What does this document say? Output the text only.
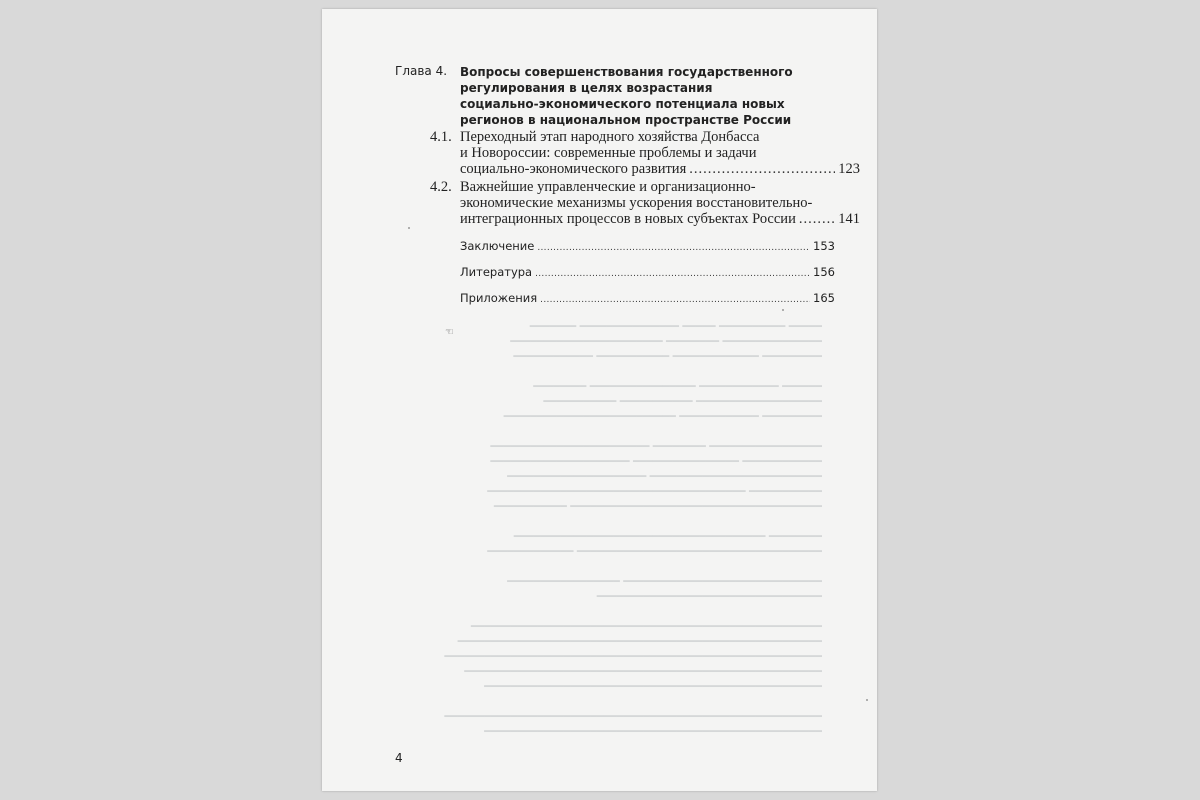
━━━━━ ━━━━━━━━━━ ━━━━━ ━━━━━━━━━━━━━━━ ━━━━━━━
━━━━━━━━━━━━━━━ ━━━━━━━━ ━━━━━━━━━━━━━━━━━━━━━━━
━━━━━━━━━ ━━━━━━━━━━━━━ ━━━━━━━━━━━ ━━━━━━━━━━━━

━━━━━━ ━━━━━━━━━━━━ ━━━━━━━━━━━━━━━━ ━━━━━━━━
━━━━━━━━━━━━━━━━━━━ ━━━━━━━━━━━ ━━━━━━━━━━━
━━━━━━━━━ ━━━━━━━━━━━━ ━━━━━━━━━━━━━━━━━━━━━━━━━━

━━━━━━━━━━━━━━━━━ ━━━━━━━━ ━━━━━━━━━━━━━━━━━━━━━━━━
━━━━━━━━━━━━ ━━━━━━━━━━━━━━━━ ━━━━━━━━━━━━━━━━━━━━━
━━━━━━━━━━━━━━━━━━━━━━━━━━ ━━━━━━━━━━━━━━━━━━━━━
━━━━━━━━━━━ ━━━━━━━━━━━━━━━━━━━━━━━━━━━━━━━━━━━━━━━
━━━━━━━━━━━━━━━━━━━━━━━━━━━━━━━━━━━━━━ ━━━━━━━━━━━

━━━━━━━━ ━━━━━━━━━━━━━━━━━━━━━━━━━━━━━━━━━━━━━━
━━━━━━━━━━━━━━━━━━━━━━━━━━━━━━━━━━━━━ ━━━━━━━━━━━━━

━━━━━━━━━━━━━━━━━━━━━━━━━━━━━━ ━━━━━━━━━━━━━━━━━
━━━━━━━━━━━━━━━━━━━━━━━━━━━━━━━━━━

━━━━━━━━━━━━━━━━━━━━━━━━━━━━━━━━━━━━━━━━━━━━━━━━━━━━━
━━━━━━━━━━━━━━━━━━━━━━━━━━━━━━━━━━━━━━━━━━━━━━━━━━━━━━━
━━━━━━━━━━━━━━━━━━━━━━━━━━━━━━━━━━━━━━━━━━━━━━━━━━━━━━━━━
━━━━━━━━━━━━━━━━━━━━━━━━━━━━━━━━━━━━━━━━━━━━━━━━━━━━━━
━━━━━━━━━━━━━━━━━━━━━━━━━━━━━━━━━━━━━━━━━━━━━━━━━━━

━━━━━━━━━━━━━━━━━━━━━━━━━━━━━━━━━━━━━━━━━━━━━━━━━━━━━━━━━
━━━━━━━━━━━━━━━━━━━━━━━━━━━━━━━━━━━━━━━━━━━━━━━━━━━
Глава 4. Вопросы совершенствования государственного
регулирования в целях возрастания
социально-экономического потенциала новых
регионов в национальном пространстве России
4.1. Переходный этап народного хозяйства Донбасса
и Новороссии: современные проблемы и задачи
социально-экономического развития .....	123
4.2. Важнейшие управленческие и организационно-
экономические механизмы ускорения восстановительно-
интеграционных процессов в новых субъектах России .....	141
Заключение .....	153
Литература .....	156
Приложения .....	165
☜
4
